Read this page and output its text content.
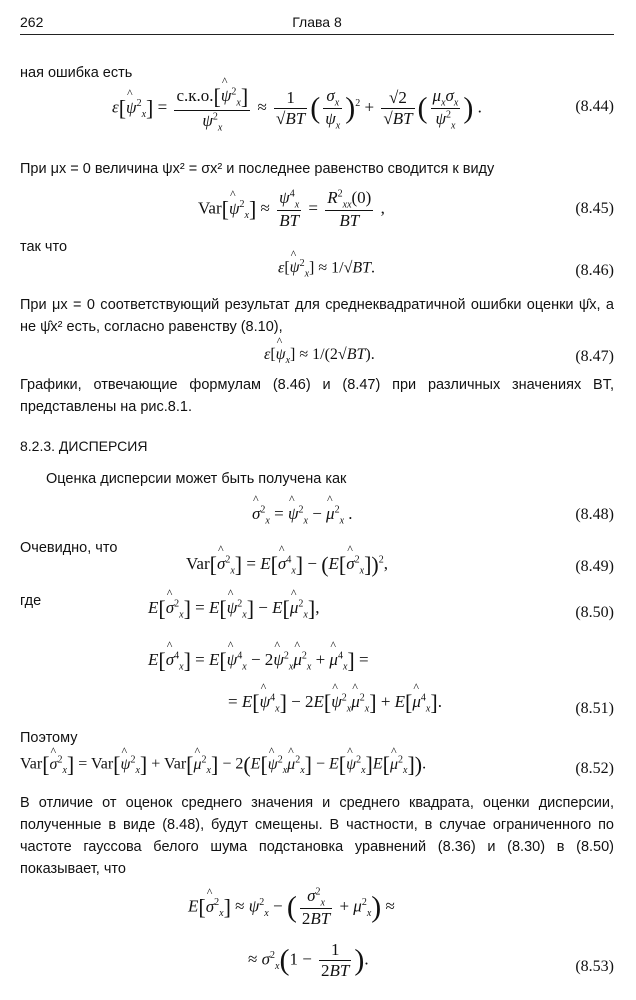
262	Глава 8
ная ошибка есть
ε[^ $\psi^2_x] = \frac{с.к.о.[\^{} \psi^2_x]}{\psi^2_x} \approx \frac{1}{√BT}$ ( $\frac{\sigma_x}{\psi_x} )^2 + \frac{√2}{√BT}$ ( $\frac{\mu_x\sigma_x}{\psi^2_x}$ ) .	(8.44)
При μx = 0 величина ψx² = σx² и последнее равенство сводится к виду
Var[^ $\psi^2_x] \approx \frac{\psi^4_x}{BT} = \frac{R^2_{xx}(0)}{BT}$ ,	(8.45)
так что
ε[^ $\psi^2_x] \approx 1/√BT$.	(8.46)
При μx = 0 соответствующий результат для среднеквадратичной ошибки оценки ψ̂x, а не ψ̂x² есть, согласно равенству (8.10),
ε[^ $\psi_x] \approx 1/(2√BT)$.	(8.47)
Графики, отвечающие формулам (8.46) и (8.47) при различных значениях BT, представлены на рис.8.1.
8.2.3. ДИСПЕРСИЯ
Оценка дисперсии может быть получена как
^ $\sigma^2_x$ = ^ $\psi^2_x$ − ^ $\mu^2_x$ .	(8.48)
Очевидно, что
Var[^ $\sigma^2_x$] = E[^ $\sigma^4_x$] − (E[^ $\sigma^2_x])^2$,	(8.49)
где	E[^ $\sigma^2_x$] = E[^ $\psi^2_x$] − E[^ $\mu^2_x$],	(8.50)
E[^ $\sigma^4_x$] = E[^ $\psi^4_x$ − 2^ $\psi^2_x\^{}$ $\mu^2_x$ + ^ $\mu^4_x$] =
= E[^ $\psi^4_x$] − 2E[^ $\psi^2_x\^{}$ $\mu^2_x$] + E[^ $\mu^4_x$].	(8.51)
Поэтому
Var[^ $\sigma^2_x$] = Var[^ $\psi^2_x$] + Var[^ $\mu^2_x$] − 2(E[^ $\psi^2_x\^{}$ $\mu^2_x$] − E[^ $\psi^2_x]E[\^{}$ $\mu^2_x$]).	(8.52)
В отличие от оценок среднего значения и среднего квадрата, оценки дисперсии, полученные в виде (8.48), будут смещены. В частности, в случае ограниченного по частоте гауссова белого шума подстановка уравнений (8.36) и (8.30) в (8.50) показывает, что
E[^ $\sigma^2_x] \approx \psi^2_x$ − ( $\frac{\sigma^2_x}{2BT} + \mu^2_x$) ≈
≈ $\sigma^2_x(1 - \frac{1}{2BT}$ ).	(8.53)
